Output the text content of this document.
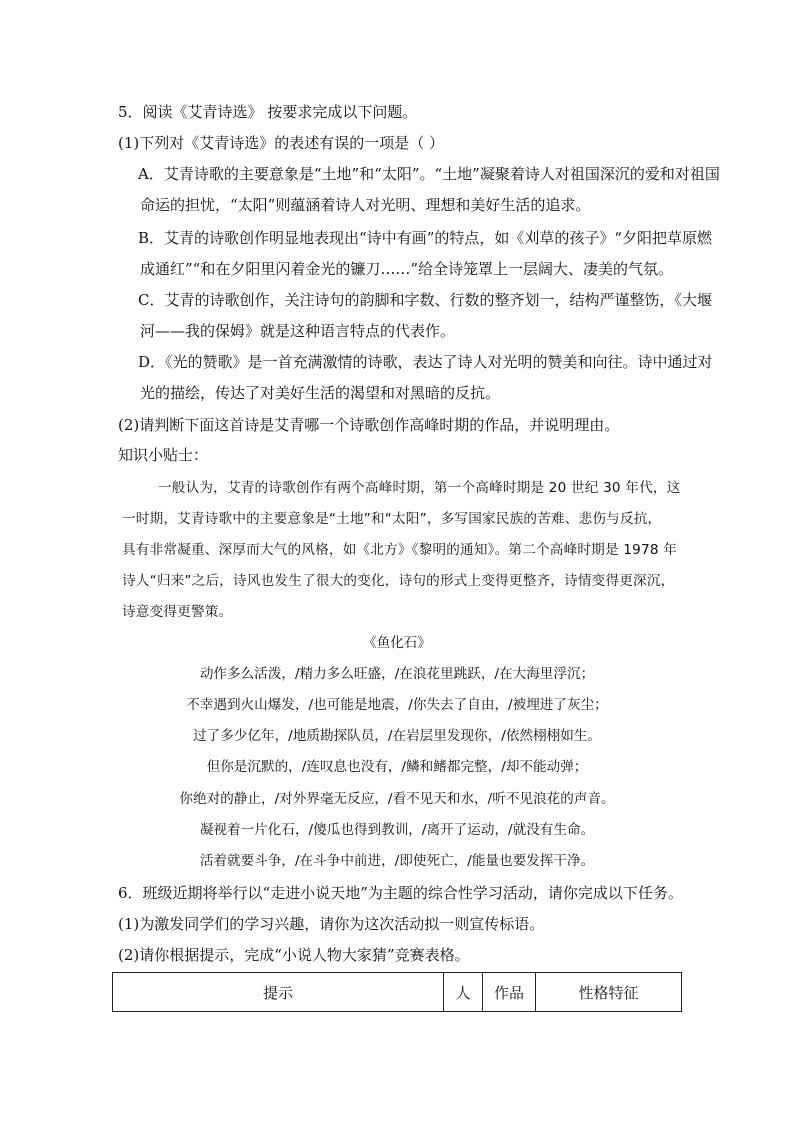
5．阅读《艾青诗选》 按要求完成以下问题。
(1)下列对《艾青诗选》的表述有误的一项是（ ）
A．艾青诗歌的主要意象是“土地”和“太阳”。“土地”凝聚着诗人对祖国深沉的爱和对祖国
命运的担忧，“太阳”则蕴涵着诗人对光明、理想和美好生活的追求。
B．艾青的诗歌创作明显地表现出“诗中有画”的特点，如《刈草的孩子》“夕阳把草原燃
成通红”“和在夕阳里闪着金光的镰刀……”给全诗笼罩上一层阔大、凄美的气氛。
C．艾青的诗歌创作，关注诗句的韵脚和字数、行数的整齐划一，结构严谨整饬，《大堰
河——我的保姆》就是这种语言特点的代表作。
D．《光的赞歌》是一首充满激情的诗歌，表达了诗人对光明的赞美和向往。诗中通过对
光的描绘，传达了对美好生活的渴望和对黑暗的反抗。
(2)请判断下面这首诗是艾青哪一个诗歌创作高峰时期的作品，并说明理由。
知识小贴士：
一般认为，艾青的诗歌创作有两个高峰时期，第一个高峰时期是 20 世纪 30 年代，这
一时期，艾青诗歌中的主要意象是“土地”和“太阳”，多写国家民族的苦难、悲伤与反抗，
具有非常凝重、深厚而大气的风格，如《北方》《黎明的通知》。第二个高峰时期是 1978 年
诗人“归来”之后，诗风也发生了很大的变化，诗句的形式上变得更整齐，诗情变得更深沉，
诗意变得更警策。
《鱼化石》
动作多么活泼，/精力多么旺盛，/在浪花里跳跃，/在大海里浮沉；
不幸遇到火山爆发，/也可能是地震，/你失去了自由，/被埋进了灰尘；
过了多少亿年，/地质勘探队员，/在岩层里发现你，/依然栩栩如生。
但你是沉默的，/连叹息也没有，/鳞和鳍都完整，/却不能动弹；
你绝对的静止，/对外界毫无反应，/看不见天和水，/听不见浪花的声音。
凝视着一片化石，/傻瓜也得到教训，/离开了运动，/就没有生命。
活着就要斗争，/在斗争中前进，/即使死亡，/能量也要发挥干净。
6．班级近期将举行以“走进小说天地”为主题的综合性学习活动，请你完成以下任务。
(1)为激发同学们的学习兴趣，请你为这次活动拟一则宣传标语。
(2)请你根据提示，完成“小说人物大家猜”竞赛表格。
提示	人	作品	性格特征
